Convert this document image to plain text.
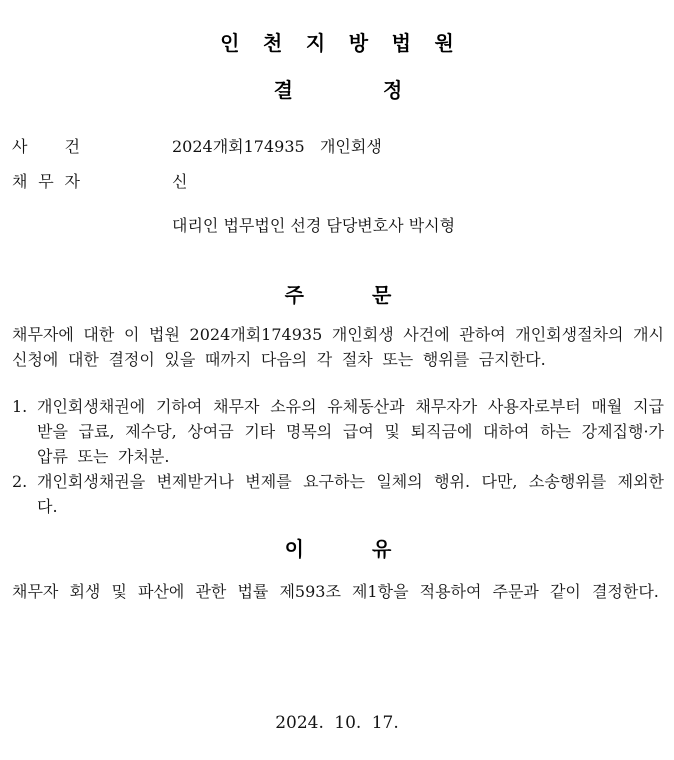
인 천 지 방 법 원
결	정
사 건	2024개회174935   개인회생
채 무 자	신
대리인 법무법인 선경 담당변호사 박시형
주	문

채무자에 대한 이 법원 2024개회174935 개인회생 사건에 관하여 개인회생절차의 개시 신청에 대한 결정이 있을 때까지 다음의 각 절차 또는 행위를 금지한다.

1. 개인회생채권에 기하여 채무자 소유의 유체동산과 채무자가 사용자로부터 매월 지급받을 급료, 제수당, 상여금 기타 명목의 급여 및 퇴직금에 대하여 하는 강제집행·가압류 또는 가처분.
2. 개인회생채권을 변제받거나 변제를 요구하는 일체의 행위. 다만, 소송행위를 제외한다.
이	유

채무자 회생 및 파산에 관한 법률 제593조 제1항을 적용하여 주문과 같이 결정한다.

2024. 10. 17.
